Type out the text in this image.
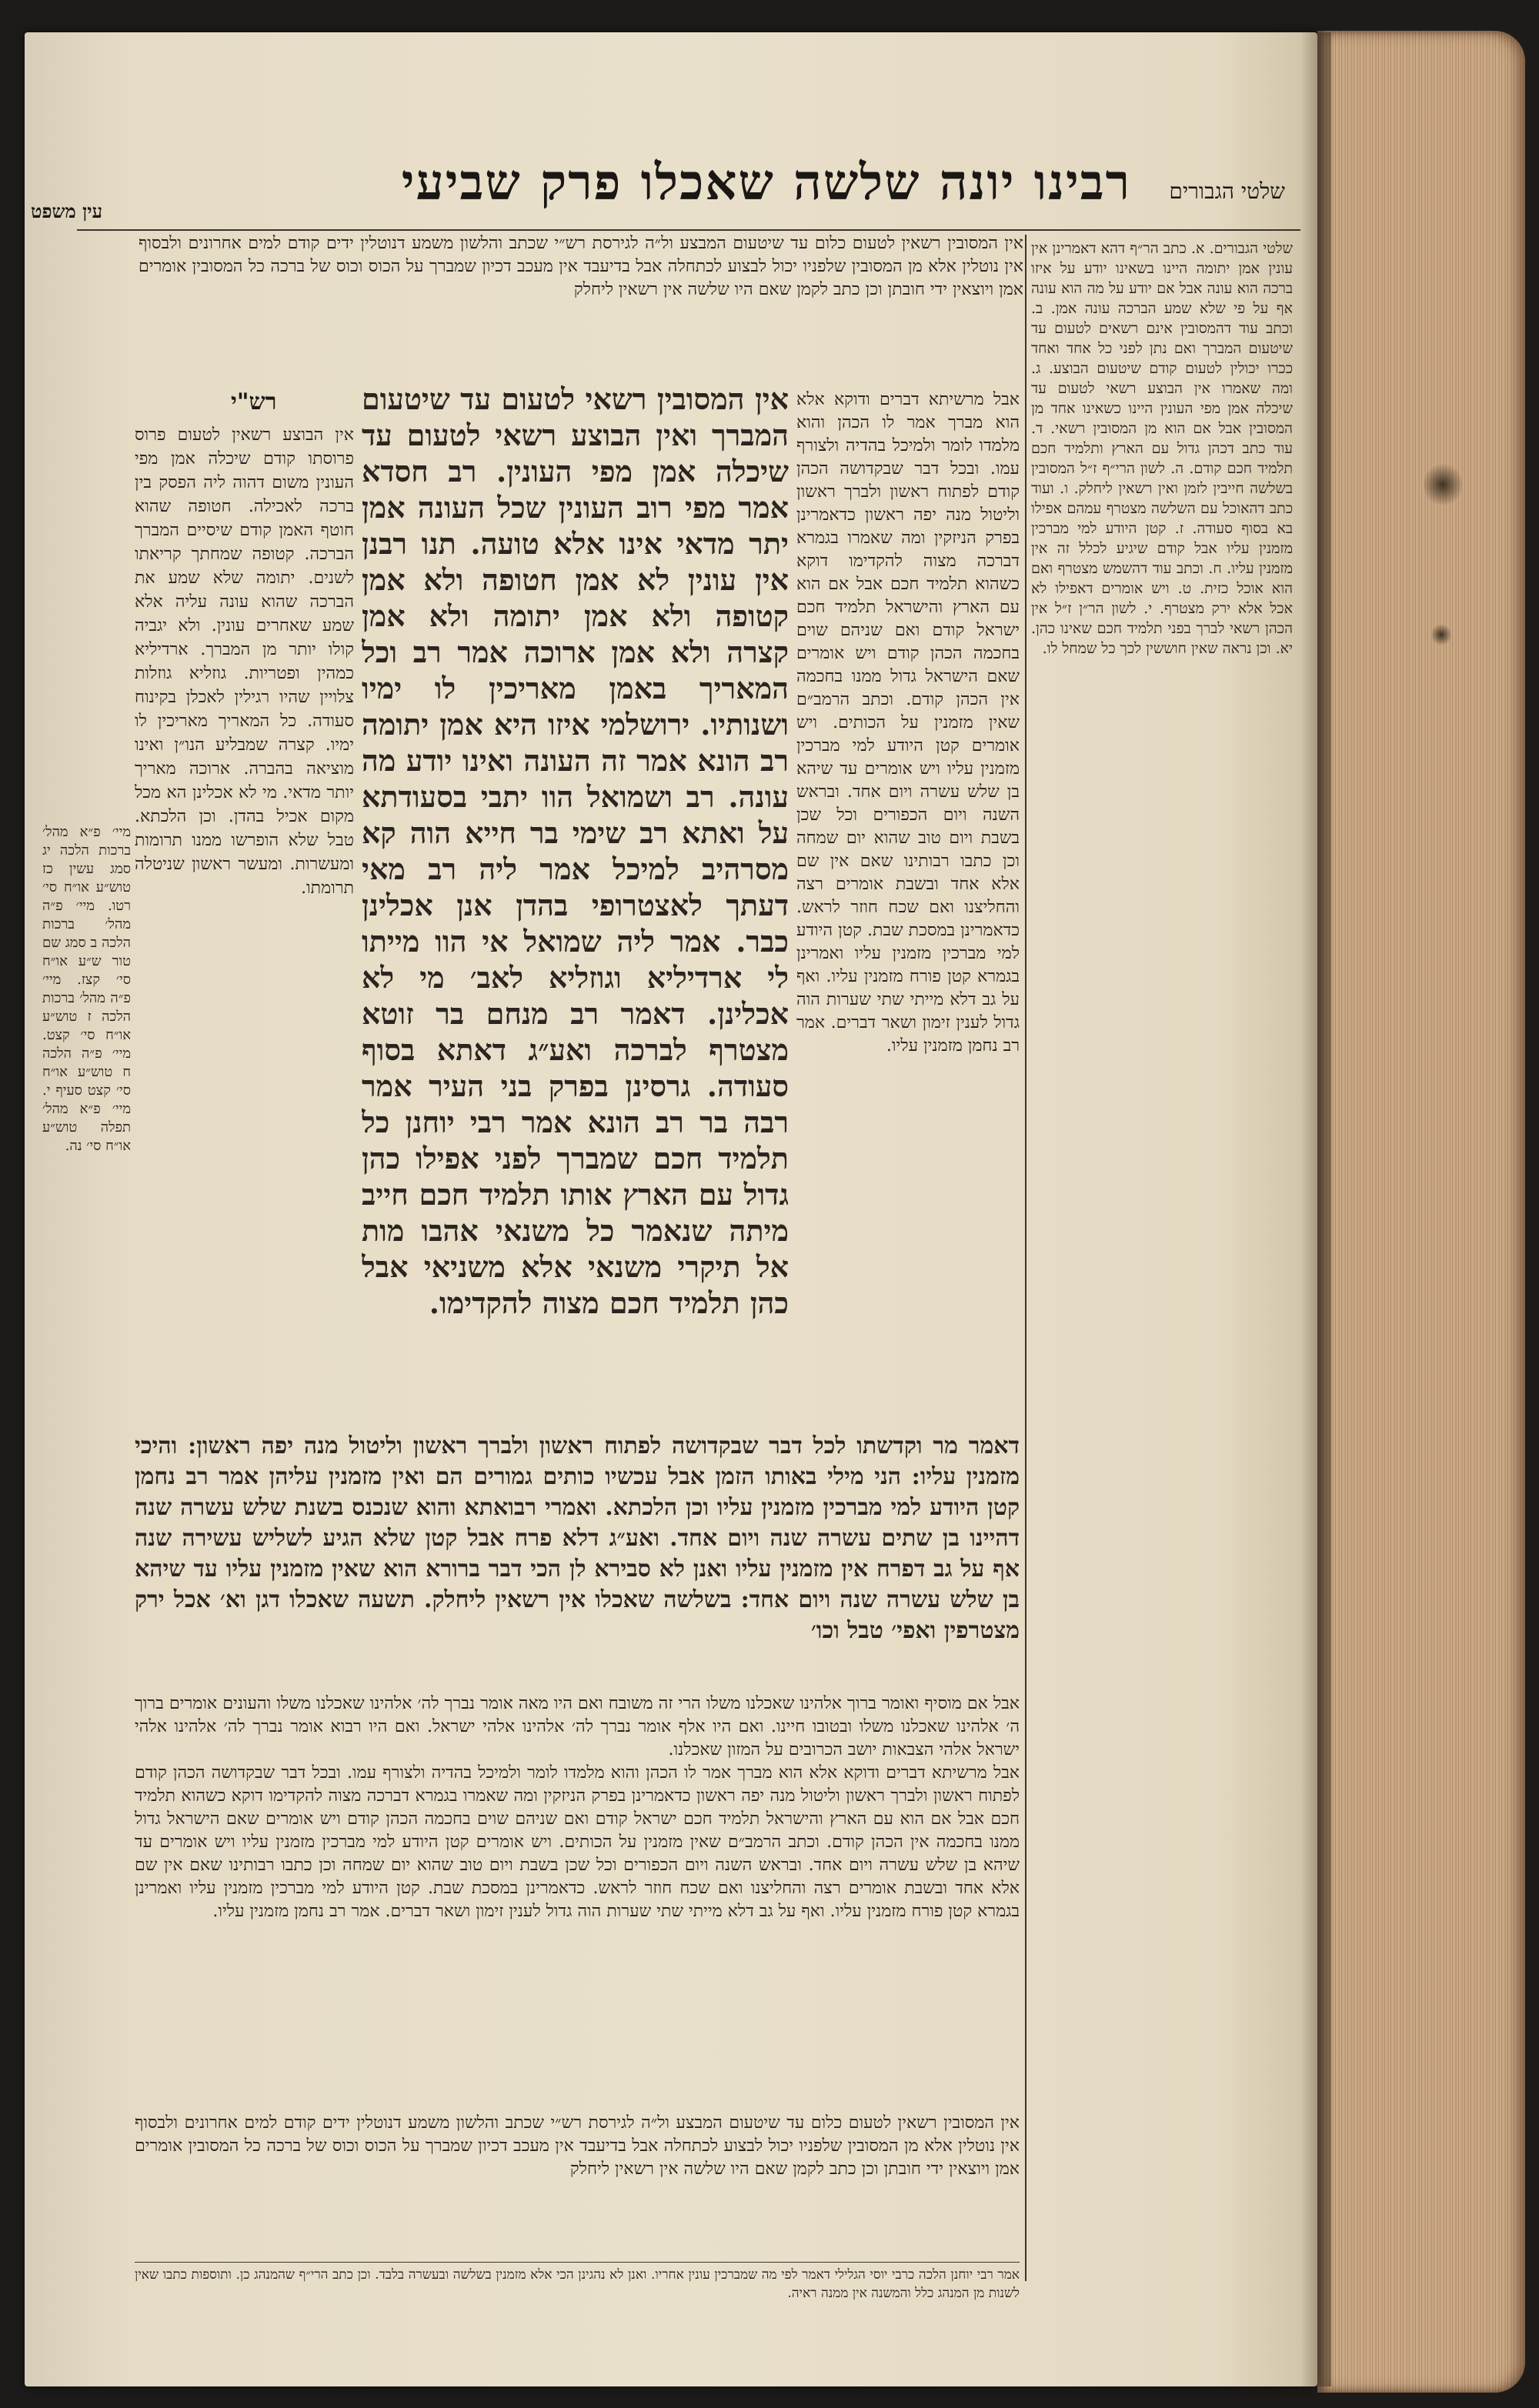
שלטי הגבורים
רבינו יונה שלשה שאכלו פרק שביעי
עין משפט

אין המסובין רשאין לטעום כלום עד שיטעום המבצע ול״ה לגירסת רש״י שכתב והלשון משמע דנוטלין ידים קודם למים אחרונים ולבסוף אין נוטלין אלא מן המסובין שלפניו יכול לבצוע לכתחלה אבל בדיעבד אין מעכב דכיון שמברך על הכוס וכוס של ברכה כל המסובין אומרים אמן ויוצאין ידי חובתן וכן כתב לקמן שאם היו שלשה אין רשאין ליחלק

שלטי הגבורים. א. כתב הר״ף דהא דאמרינן אין עונין אמן יתומה היינו בשאינו יודע על איזו ברכה הוא עונה אבל אם יודע על מה הוא עונה אף על פי שלא שמע הברכה עונה אמן. ב. וכתב עוד דהמסובין אינם רשאים לטעום עד שיטעום המברך ואם נתן לפני כל אחד ואחד ככרו יכולין לטעום קודם שיטעום הבוצע. ג. ומה שאמרו אין הבוצע רשאי לטעום עד שיכלה אמן מפי העונין היינו כשאינו אחד מן המסובין אבל אם הוא מן המסובין רשאי. ד. עוד כתב דכהן גדול עם הארץ ותלמיד חכם תלמיד חכם קודם. ה. לשון הרי״ף ז״ל המסובין בשלשה חייבין לזמן ואין רשאין ליחלק. ו. ועוד כתב דהאוכל עם השלשה מצטרף עמהם אפילו בא בסוף סעודה. ז. קטן היודע למי מברכין מזמנין עליו אבל קודם שיגיע לכלל זה אין מזמנין עליו. ח. וכתב עוד דהשמש מצטרף ואם הוא אוכל כזית. ט. ויש אומרים דאפילו לא אכל אלא ירק מצטרף. י. לשון הר״ן ז״ל אין הכהן רשאי לברך בפני תלמיד חכם שאינו כהן. יא. וכן נראה שאין חוששין לכך כל שמחל לו.

אבל מרשיתא דברים ודוקא אלא הוא מברך אמר לו הכהן והוא מלמדו לומר ולמיכל בהדיה ולצורף עמו. ובכל דבר שבקדושה הכהן קודם לפתוח ראשון ולברך ראשון וליטול מנה יפה ראשון כדאמרינן בפרק הניזקין ומה שאמרו בגמרא דברכה מצוה להקדימו דוקא כשהוא תלמיד חכם אבל אם הוא עם הארץ והישראל תלמיד חכם ישראל קודם ואם שניהם שוים בחכמה הכהן קודם ויש אומרים שאם הישראל גדול ממנו בחכמה אין הכהן קודם. וכתב הרמב״ם שאין מזמנין על הכותים. ויש אומרים קטן היודע למי מברכין מזמנין עליו ויש אומרים עד שיהא בן שלש עשרה ויום אחד. ובראש השנה ויום הכפורים וכל שכן בשבת ויום טוב שהוא יום שמחה וכן כתבו רבותינו שאם אין שם אלא אחד ובשבת אומרים רצה והחליצנו ואם שכח חוזר לראש. כדאמרינן במסכת שבת. קטן היודע למי מברכין מזמנין עליו ואמרינן בגמרא קטן פורח מזמנין עליו. ואף על גב דלא מייתי שתי שערות הוה גדול לענין זימון ושאר דברים. אמר רב נחמן מזמנין עליו.

אין המסובין רשאי לטעום עד שיטעום המברך ואין הבוצע רשאי לטעום עד שיכלה אמן מפי העונין. רב חסדא אמר מפי רוב העונין שכל העונה אמן יתר מדאי אינו אלא טועה. תנו רבנן אין עונין לא אמן חטופה ולא אמן קטופה ולא אמן יתומה ולא אמן קצרה ולא אמן ארוכה אמר רב וכל המאריך באמן מאריכין לו ימיו ושנותיו. ירושלמי איזו היא אמן יתומה רב הונא אמר זה העונה ואינו יודע מה עונה. רב ושמואל הוו יתבי בסעודתא על ואתא רב שימי בר חייא הוה קא מסרהיב למיכל אמר ליה רב מאי דעתך לאצטרופי בהדן אנן אכלינן כבר. אמר ליה שמואל אי הוו מייתו לי ארדיליא וגוזליא לאב׳ מי לא אכלינן. דאמר רב מנחם בר זוטא מצטרף לברכה ואע״ג דאתא בסוף סעודה. גרסינן בפרק בני העיר אמר רבה בר רב הונא אמר רבי יוחנן כל תלמיד חכם שמברך לפני אפילו כהן גדול עם הארץ אותו תלמיד חכם חייב מיתה שנאמר כל משנאי אהבו מות אל תיקרי משנאי אלא משניאי אבל כהן תלמיד חכם מצוה להקדימו.

רש"י

אין הבוצע רשאין לטעום פרוס פרוסתו קודם שיכלה אמן מפי העונין משום דהוה ליה הפסק בין ברכה לאכילה. חטופה שהוא חוטף האמן קודם שיסיים המברך הברכה. קטופה שמחתך קריאתו לשנים. יתומה שלא שמע את הברכה שהוא עונה עליה אלא שמע שאחרים עונין. ולא יגביה קולו יותר מן המברך. ארדיליא כמהין ופטריות. גוזליא גוזלות צלויין שהיו רגילין לאכלן בקינוח סעודה. כל המאריך מאריכין לו ימיו. קצרה שמבליע הנו״ן ואינו מוציאה בהברה. ארוכה מאריך יותר מדאי. מי לא אכלינן הא מכל מקום אכיל בהדן. וכן הלכתא. טבל שלא הופרשו ממנו תרומות ומעשרות. ומעשר ראשון שניטלה תרומתו.

מיי׳ פ״א מהל׳ ברכות הלכה יג סמג עשין כז טוש״ע או״ח סי׳ רטו. מיי׳ פ״ה מהל׳ ברכות הלכה ב סמג שם טור ש״ע או״ח סי׳ קצז. מיי׳ פ״ה מהל׳ ברכות הלכה ז טוש״ע או״ח סי׳ קצט. מיי׳ פ״ה הלכה ח טוש״ע או״ח סי׳ קצט סעיף י. מיי׳ פ״א מהל׳ תפלה טוש״ע או״ח סי׳ נה.

דאמר מר וקדשתו לכל דבר שבקדושה לפתוח ראשון ולברך ראשון וליטול מנה יפה ראשון: והיכי מזמנין עליו: הני מילי באותו הזמן אבל עכשיו כותים גמורים הם ואין מזמנין עליהן אמר רב נחמן קטן היודע למי מברכין מזמנין עליו וכן הלכתא. ואמרי רבואתא והוא שנכנס בשנת שלש עשרה שנה דהיינו בן שתים עשרה שנה ויום אחד. ואע״ג דלא פרח אבל קטן שלא הגיע לשליש עשירה שנה אף על גב דפרח אין מזמנין עליו ואנן לא סבירא לן הכי דבר ברורא הוא שאין מזמנין עליו עד שיהא בן שלש עשרה שנה ויום אחד: בשלשה שאכלו אין רשאין ליחלק. תשעה שאכלו דגן וא׳ אכל ירק מצטרפין ואפי׳ טבל וכו׳

אבל אם מוסיף ואומר ברוך אלהינו שאכלנו משלו הרי זה משובח ואם היו מאה אומר נברך לה׳ אלהינו שאכלנו משלו והעונים אומרים ברוך ה׳ אלהינו שאכלנו משלו ובטובו חיינו. ואם היו אלף אומר נברך לה׳ אלהינו אלהי ישראל. ואם היו רבוא אומר נברך לה׳ אלהינו אלהי ישראל אלהי הצבאות יושב הכרובים על המזון שאכלנו.

אבל מרשיתא דברים ודוקא אלא הוא מברך אמר לו הכהן והוא מלמדו לומר ולמיכל בהדיה ולצורף עמו. ובכל דבר שבקדושה הכהן קודם לפתוח ראשון ולברך ראשון וליטול מנה יפה ראשון כדאמרינן בפרק הניזקין ומה שאמרו בגמרא דברכה מצוה להקדימו דוקא כשהוא תלמיד חכם אבל אם הוא עם הארץ והישראל תלמיד חכם ישראל קודם ואם שניהם שוים בחכמה הכהן קודם ויש אומרים שאם הישראל גדול ממנו בחכמה אין הכהן קודם. וכתב הרמב״ם שאין מזמנין על הכותים. ויש אומרים קטן היודע למי מברכין מזמנין עליו ויש אומרים עד שיהא בן שלש עשרה ויום אחד. ובראש השנה ויום הכפורים וכל שכן בשבת ויום טוב שהוא יום שמחה וכן כתבו רבותינו שאם אין שם אלא אחד ובשבת אומרים רצה והחליצנו ואם שכח חוזר לראש. כדאמרינן במסכת שבת. קטן היודע למי מברכין מזמנין עליו ואמרינן בגמרא קטן פורח מזמנין עליו. ואף על גב דלא מייתי שתי שערות הוה גדול לענין זימון ושאר דברים. אמר רב נחמן מזמנין עליו.

אין המסובין רשאין לטעום כלום עד שיטעום המבצע ול״ה לגירסת רש״י שכתב והלשון משמע דנוטלין ידים קודם למים אחרונים ולבסוף אין נוטלין אלא מן המסובין שלפניו יכול לבצוע לכתחלה אבל בדיעבד אין מעכב דכיון שמברך על הכוס וכוס של ברכה כל המסובין אומרים אמן ויוצאין ידי חובתן וכן כתב לקמן שאם היו שלשה אין רשאין ליחלק

אמר רבי יוחנן הלכה כרבי יוסי הגלילי דאמר לפי מה שמברכין עונין אחריו. ואנן לא נהגינן הכי אלא מזמנין בשלשה ובעשרה בלבד. וכן כתב הרי״ף שהמנהג כן. ותוספות כתבו שאין לשנות מן המנהג כלל והמשנה אין ממנה ראיה.
